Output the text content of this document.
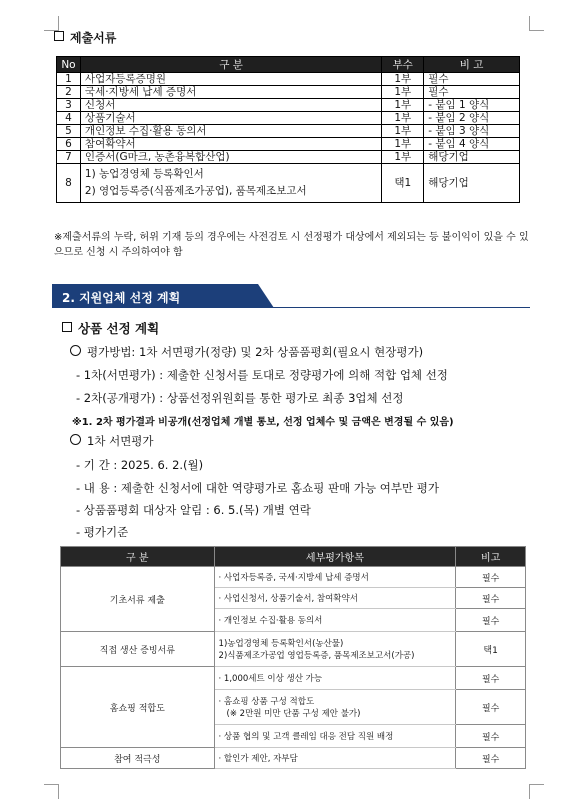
제출서류
No	구 분	부수	비 고
1	사업자등록증명원	1부	필수
2	국세·지방세 납세 증명서	1부	필수
3	신청서	1부	- 붙임 1 양식
4	상품기술서	1부	- 붙임 2 양식
5	개인정보 수집·활용 동의서	1부	- 붙임 3 양식
6	참여확약서	1부	- 붙임 4 양식
7	인증서(G마크, 농촌융복합산업)	1부	해당기업
8	1) 농업경영체 등록확인서
2) 영업등록증(식품제조가공업), 품목제조보고서	택1	해당기업
※제출서류의 누락, 허위 기재 등의 경우에는 사전검토 시 선정평가 대상에서 제외되는 등 불이익이 있을 수 있으므로 신청 시 주의하여야 함
2. 지원업체 선정 계획
상품 선정 계획
평가방법: 1차 서면평가(정량) 및 2차 상품품평회(필요시 현장평가)
- 1차(서면평가) : 제출한 신청서를 토대로 정량평가에 의해 적합 업체 선정
- 2차(공개평가) : 상품선정위원회를 통한 평가로 최종 3업체 선정
※1. 2차 평가결과 비공개(선정업체 개별 통보, 선정 업체수 및 금액은 변경될 수 있음)
1차 서면평가
- 기 간 : 2025. 6. 2.(월)
- 내 용 : 제출한 신청서에 대한 역량평가로 홈쇼핑 판매 가능 여부만 평가
- 상품품평회 대상자 알림 : 6. 5.(목) 개별 연락
- 평가기준
구 분	세부평가항목	비고
기초서류 제출	· 사업자등록증, 국세·지방세 납세 증명서	필수
	· 사업신청서, 상품기술서, 참여확약서	필수
	· 개인정보 수집·활용 동의서	필수
직접 생산 증빙서류	1)농업경영체 등록확인서(농산물)
2)식품제조가공업 영업등록증, 품목제조보고서(가공)	택1
홈쇼핑 적합도	· 1,000세트 이상 생산 가능	필수

	· 홈쇼핑 상품 구성 적합도
(※ 2만원 미만 단품 구성 제안 불가)	필수
	· 상품 협의 및 고객 클레임 대응 전담 직원 배정	필수
참여 적극성	· 할인가 제안, 자부담	필수
